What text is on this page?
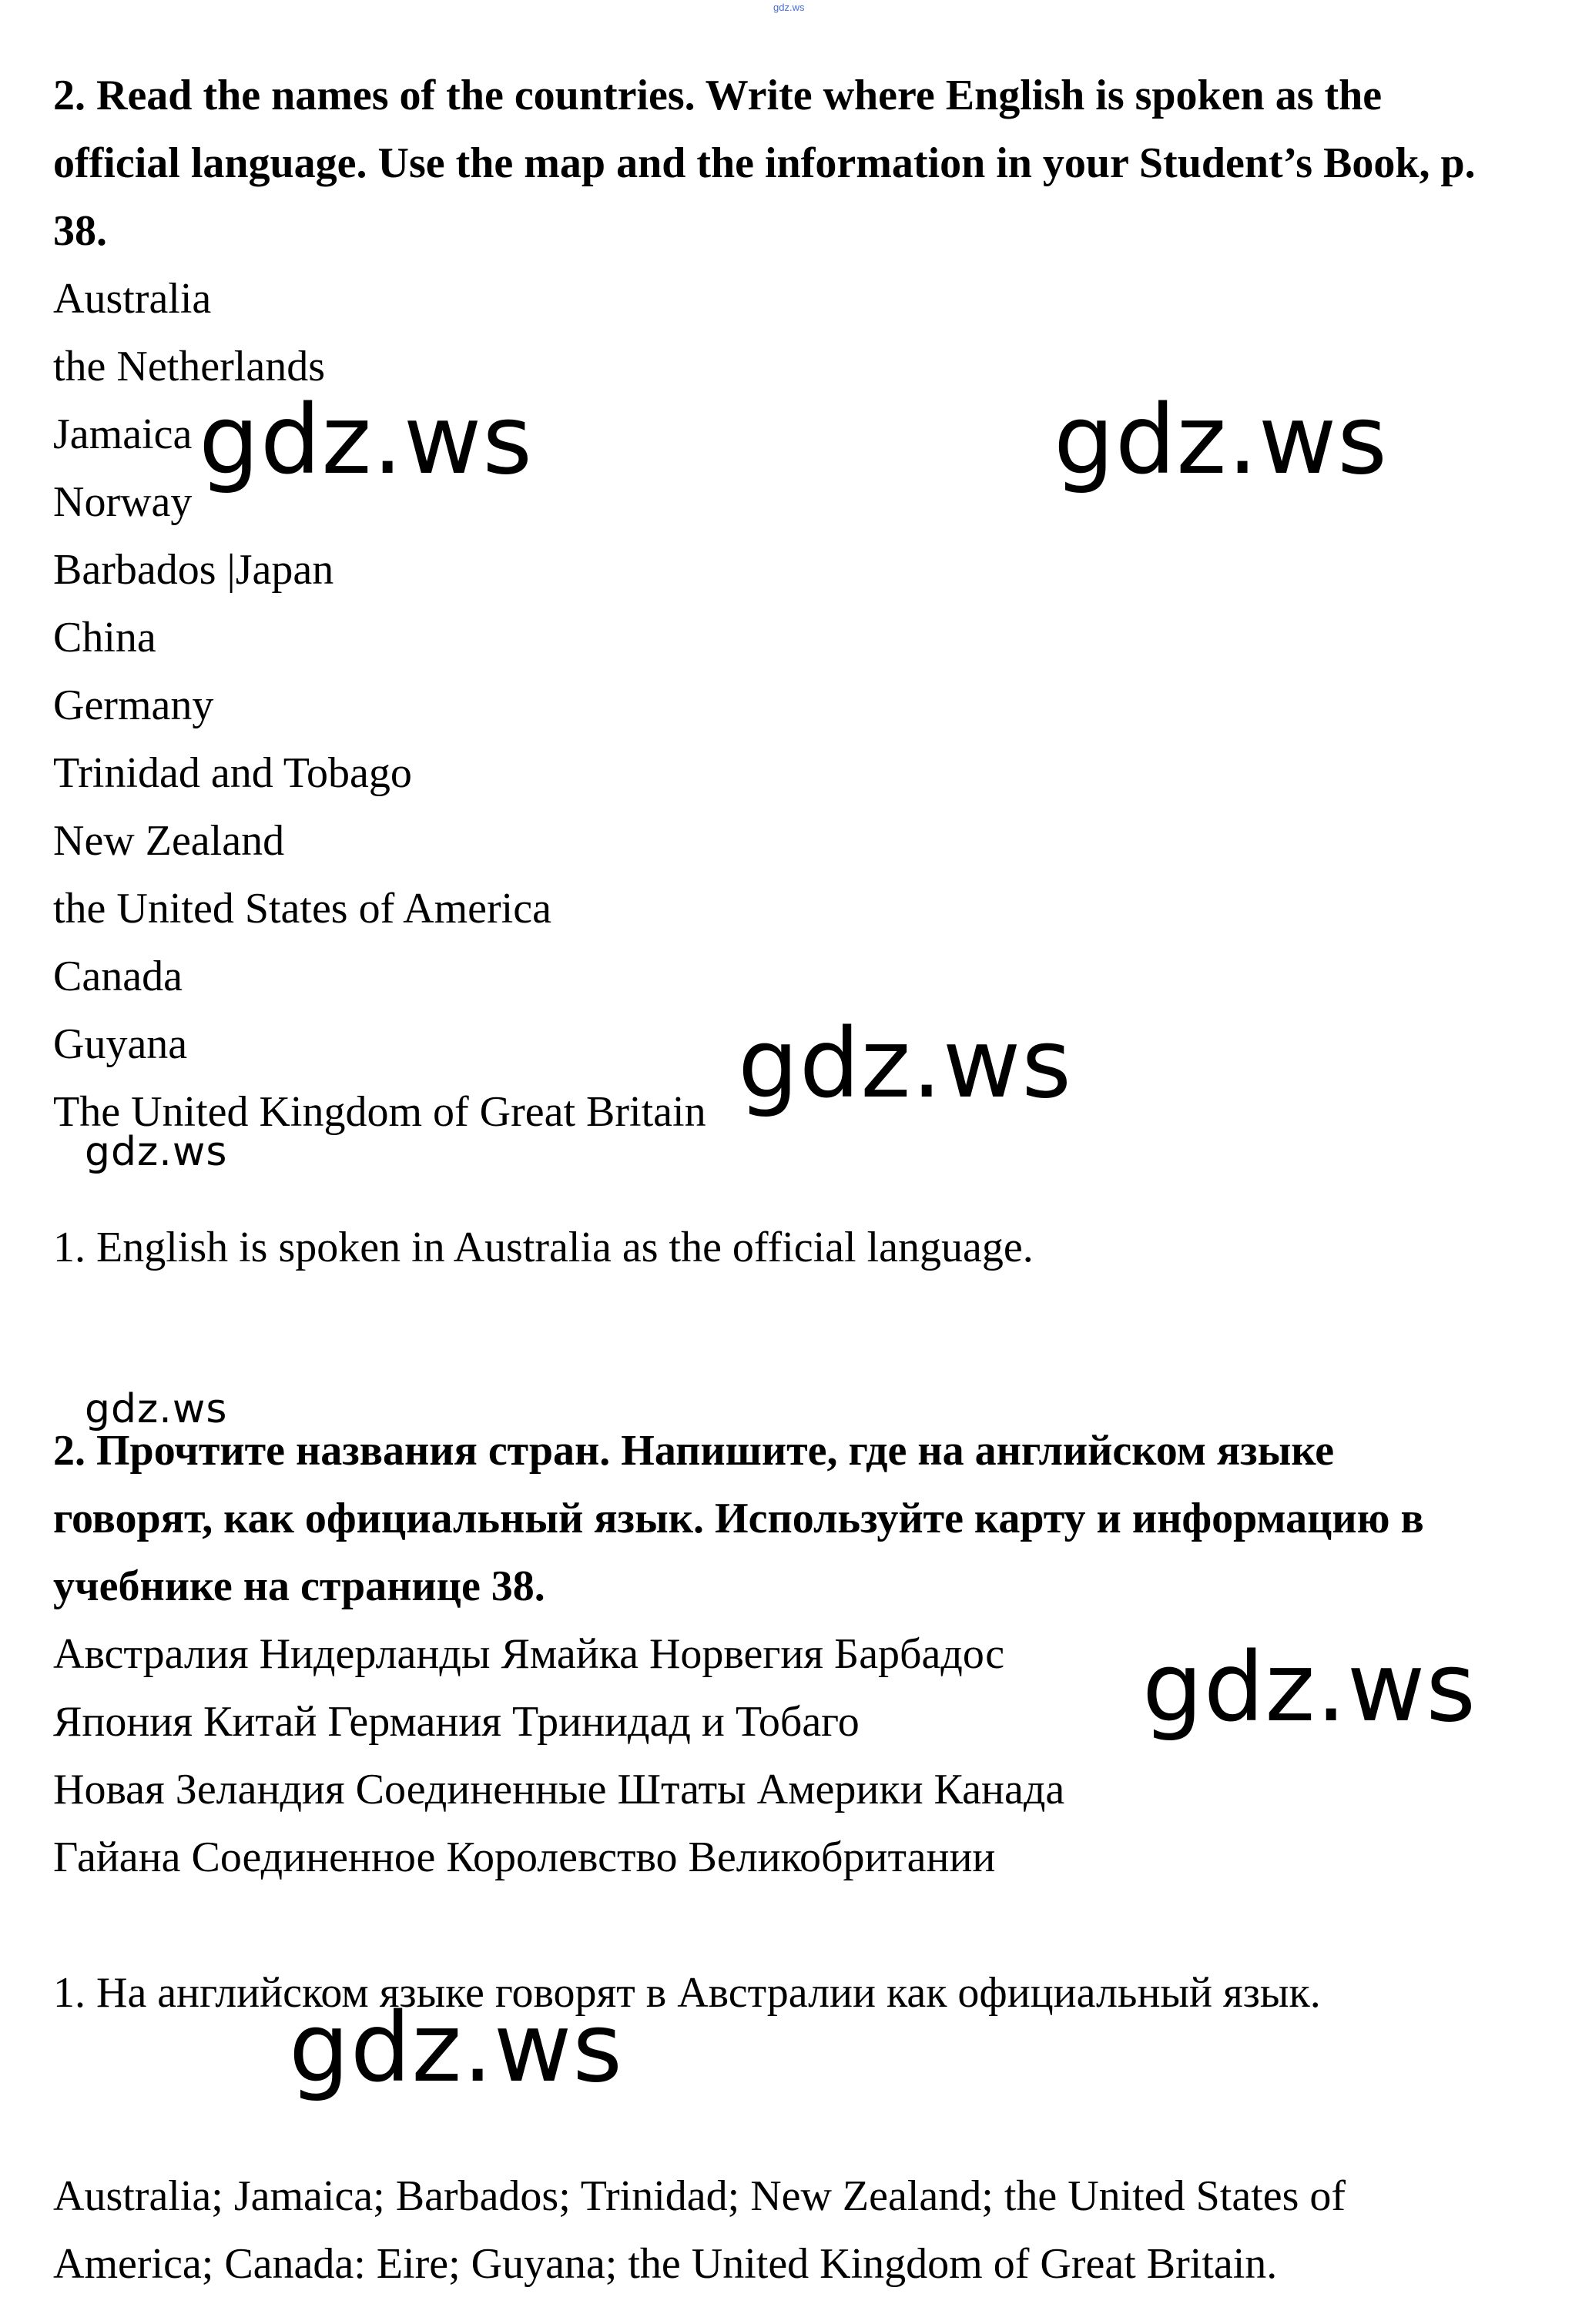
gdz.ws
2. Read the names of the countries. Write where English is spoken as the
official language. Use the map and the information in your Student’s Book, p.
38.
Australia
the Netherlands
Jamaica
Norway
Barbados |Japan
China
Germany
Trinidad and Tobago
New Zealand
the United States of America
Canada
Guyana
The United Kingdom of Great Britain
1. English is spoken in Australia as the official language.
2. Прочтите названия стран. Напишите, где на английском языке
говорят, как официальный язык. Используйте карту и информацию в
учебнике на странице 38.
Австралия Нидерланды Ямайка Норвегия Барбадос
Япония Китай Германия Тринидад и Тобаго
Новая Зеландия Соединенные Штаты Америки Канада
Гайана Соединенное Королевство Великобритании
1. На английском языке говорят в Австралии как официальный язык.
Australia; Jamaica; Barbados; Trinidad; New Zealand; the United States of
America; Canada: Eire; Guyana; the United Kingdom of Great Britain.
gdz.ws	gdz.ws
gdz.ws
gdz.ws
gdz.ws
gdz.ws
gdz.ws
